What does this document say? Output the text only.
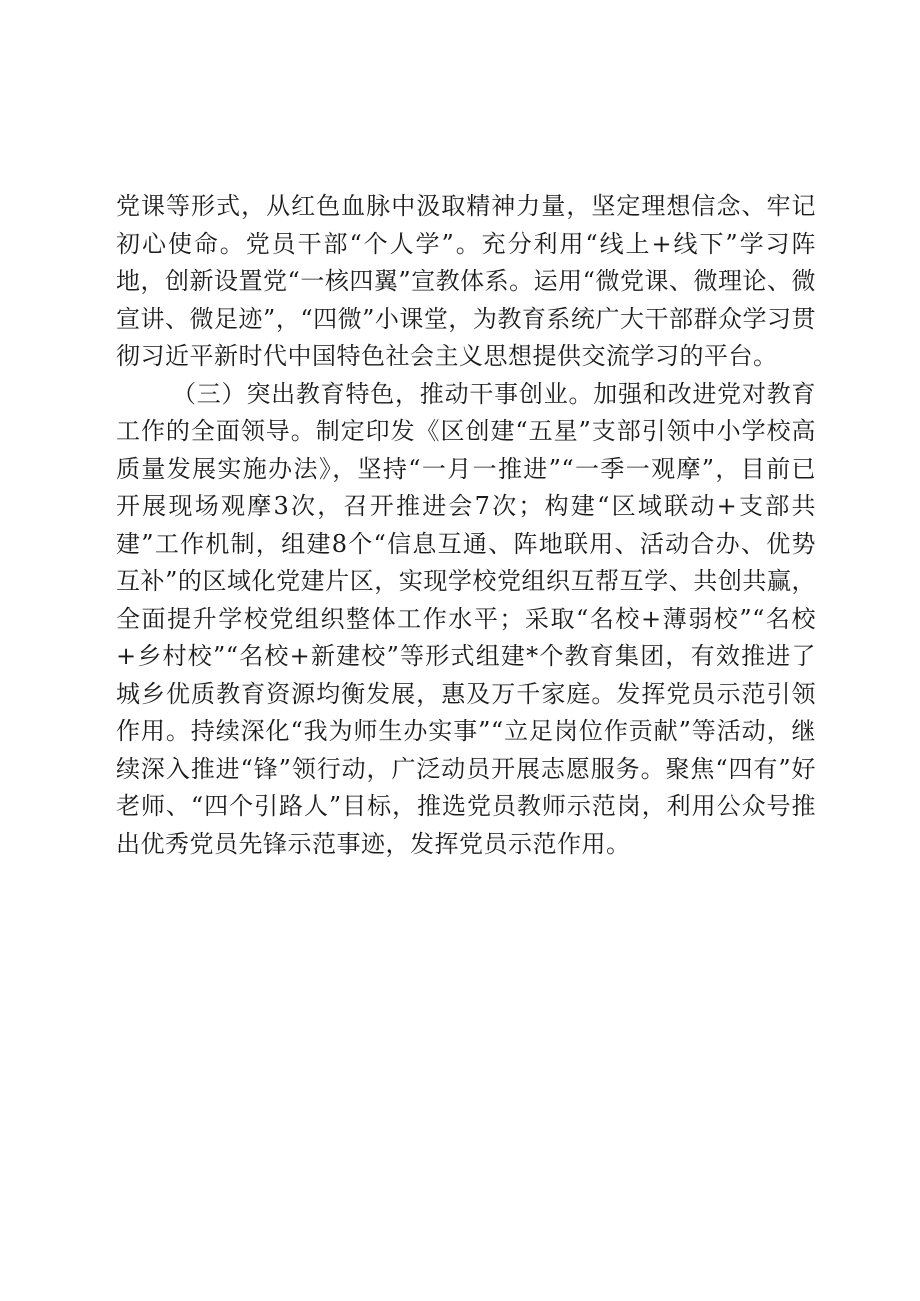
党课等形式，从红色血脉中汲取精神力量，坚定理想信念、牢记初心使命。党员干部“个人学”。充分利用“线上+线下”学习阵地，创新设置党“一核四翼”宣教体系。运用“微党课、微理论、微宣讲、微足迹”，“四微”小课堂，为教育系统广大干部群众学习贯彻习近平新时代中国特色社会主义思想提供交流学习的平台。

（三）突出教育特色，推动干事创业。加强和改进党对教育工作的全面领导。制定印发《区创建“五星”支部引领中小学校高质量发展实施办法》，坚持“一月一推进”“一季一观摩”，目前已开展现场观摩3次，召开推进会7次；构建“区域联动+支部共建”工作机制，组建8个“信息互通、阵地联用、活动合办、优势互补”的区域化党建片区，实现学校党组织互帮互学、共创共赢，全面提升学校党组织整体工作水平；采取“名校+薄弱校”“名校+乡村校”“名校+新建校”等形式组建*个教育集团，有效推进了城乡优质教育资源均衡发展，惠及万千家庭。发挥党员示范引领作用。持续深化“我为师生办实事”“立足岗位作贡献”等活动，继续深入推进“锋”领行动，广泛动员开展志愿服务。聚焦“四有”好老师、“四个引路人”目标，推选党员教师示范岗，利用公众号推出优秀党员先锋示范事迹，发挥党员示范作用。
